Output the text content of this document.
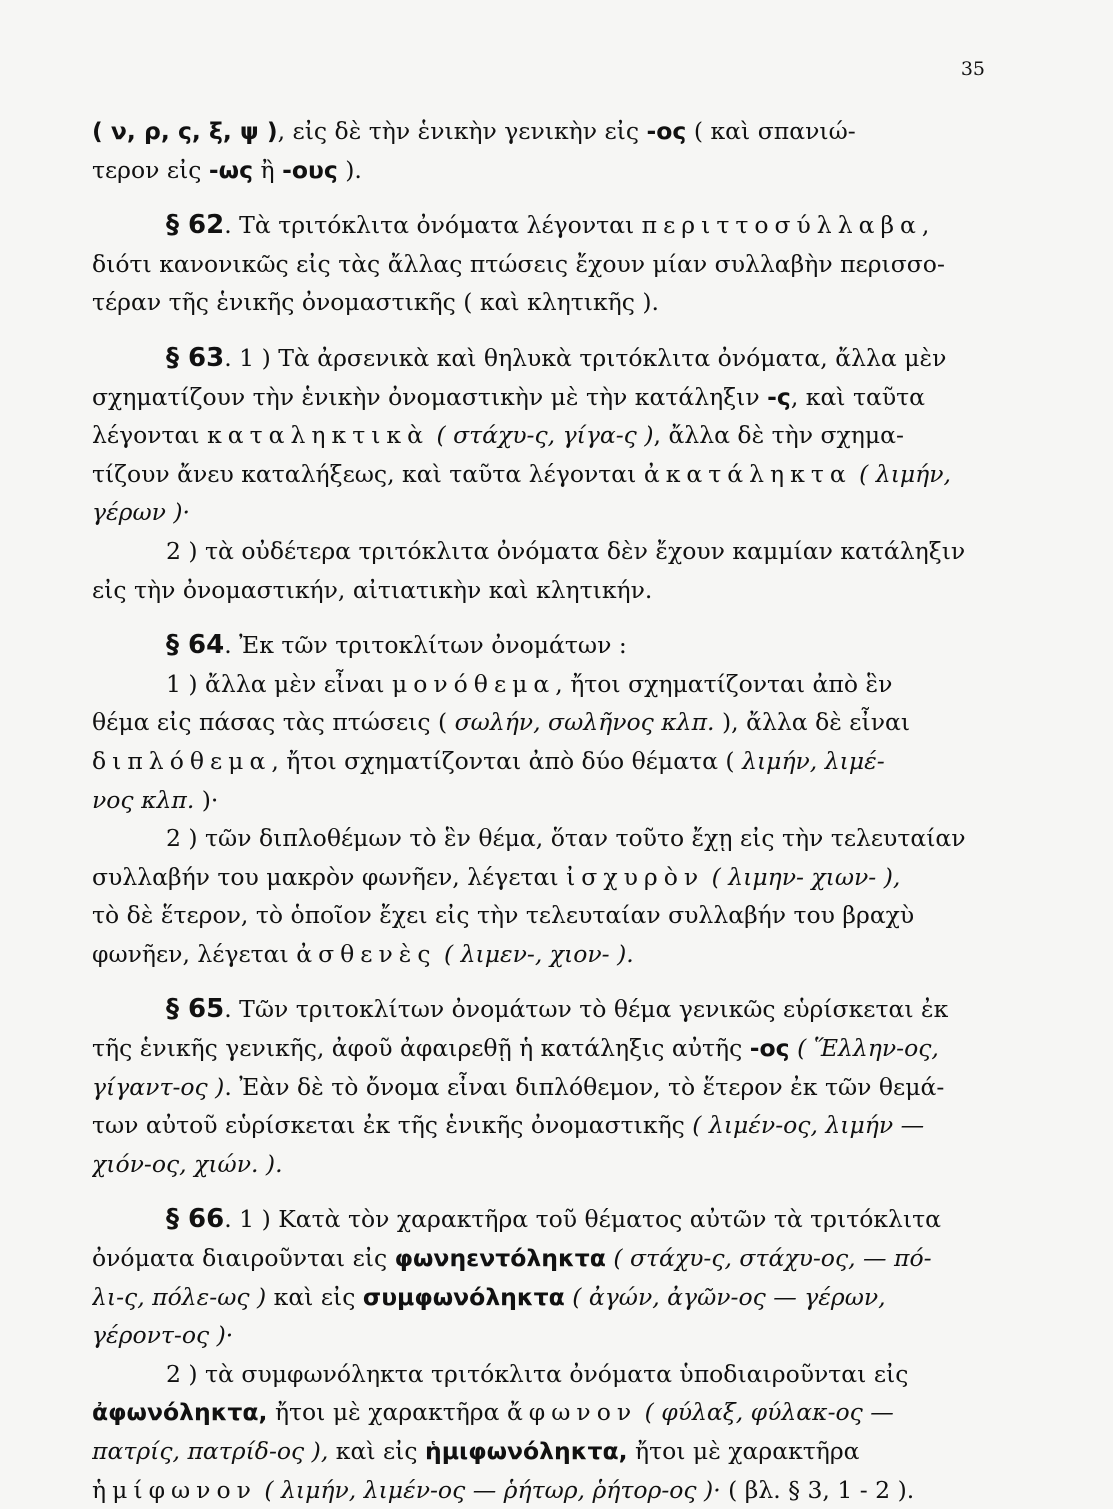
35
( ν, ρ, ς, ξ, ψ ), εἰς δὲ τὴν ἑνικὴν γενικὴν εἰς -ος ( καὶ σπανιώ-
τερον εἰς -ως ἢ -ους ).
§ 62. Τὰ τριτόκλιτα ὀνόματα λέγονται περιττοσύλλαβα,
διότι κανονικῶς εἰς τὰς ἄλλας πτώσεις ἔχουν μίαν συλλαβὴν περισσο-
τέραν τῆς ἑνικῆς ὀνομαστικῆς ( καὶ κλητικῆς ).
§ 63. 1 ) Τὰ ἀρσενικὰ καὶ θηλυκὰ τριτόκλιτα ὀνόματα, ἄλλα μὲν
σχηματίζουν τὴν ἑνικὴν ὀνομαστικὴν μὲ τὴν κατάληξιν -ς, καὶ ταῦτα
λέγονται καταληκτικὰ ( στάχυ-ς, γίγα-ς ), ἄλλα δὲ τὴν σχημα-
τίζουν ἄνευ καταλήξεως, καὶ ταῦτα λέγονται ἀκατάληκτα ( λιμήν,
γέρων )·
2 ) τὰ οὐδέτερα τριτόκλιτα ὀνόματα δὲν ἔχουν καμμίαν κατάληξιν
εἰς τὴν ὀνομαστικήν, αἰτιατικὴν καὶ κλητικήν.
§ 64. Ἐκ τῶν τριτοκλίτων ὀνομάτων :
1 ) ἄλλα μὲν εἶναι μονόθεμα, ἤτοι σχηματίζονται ἀπὸ ἓν
θέμα εἰς πάσας τὰς πτώσεις ( σωλήν, σωλῆνος κλπ. ), ἄλλα δὲ εἶναι
διπλόθεμα, ἤτοι σχηματίζονται ἀπὸ δύο θέματα ( λιμήν, λιμέ-
νος κλπ. )·
2 ) τῶν διπλοθέμων τὸ ἓν θέμα, ὅταν τοῦτο ἔχῃ εἰς τὴν τελευταίαν
συλλαβήν του μακρὸν φωνῆεν, λέγεται ἰσχυρὸν ( λιμην- χιων- ),
τὸ δὲ ἕτερον, τὸ ὁποῖον ἔχει εἰς τὴν τελευταίαν συλλαβήν του βραχὺ
φωνῆεν, λέγεται ἀσθενὲς ( λιμεν-, χιον- ).
§ 65. Τῶν τριτοκλίτων ὀνομάτων τὸ θέμα γενικῶς εὑρίσκεται ἐκ
τῆς ἑνικῆς γενικῆς, ἀφοῦ ἀφαιρεθῇ ἡ κατάληξις αὐτῆς -ος ( Ἕλλην-ος,
γίγαντ-ος ). Ἐὰν δὲ τὸ ὄνομα εἶναι διπλόθεμον, τὸ ἕτερον ἐκ τῶν θεμά-
των αὐτοῦ εὑρίσκεται ἐκ τῆς ἑνικῆς ὀνομαστικῆς ( λιμέν-ος, λιμήν —
χιόν-ος, χιών. ).
§ 66. 1 ) Κατὰ τὸν χαρακτῆρα τοῦ θέματος αὐτῶν τὰ τριτόκλιτα
ὀνόματα διαιροῦνται εἰς φωνηεντόληκτα ( στάχυ-ς, στάχυ-ος, — πό-
λι-ς, πόλε-ως ) καὶ εἰς συμφωνόληκτα ( ἀγών, ἀγῶν-ος — γέρων,
γέροντ-ος )·
2 ) τὰ συμφωνόληκτα τριτόκλιτα ὀνόματα ὑποδιαιροῦνται εἰς
ἀφωνόληκτα, ἤτοι μὲ χαρακτῆρα ἄφωνον ( φύλαξ, φύλακ-ος —
πατρίς, πατρίδ-ος ), καὶ εἰς ἡμιφωνόληκτα, ἤτοι μὲ χαρακτῆρα
ἡμίφωνον ( λιμήν, λιμέν-ος — ῥήτωρ, ῥήτορ-ος )· ( βλ. § 3, 1 - 2 ).
